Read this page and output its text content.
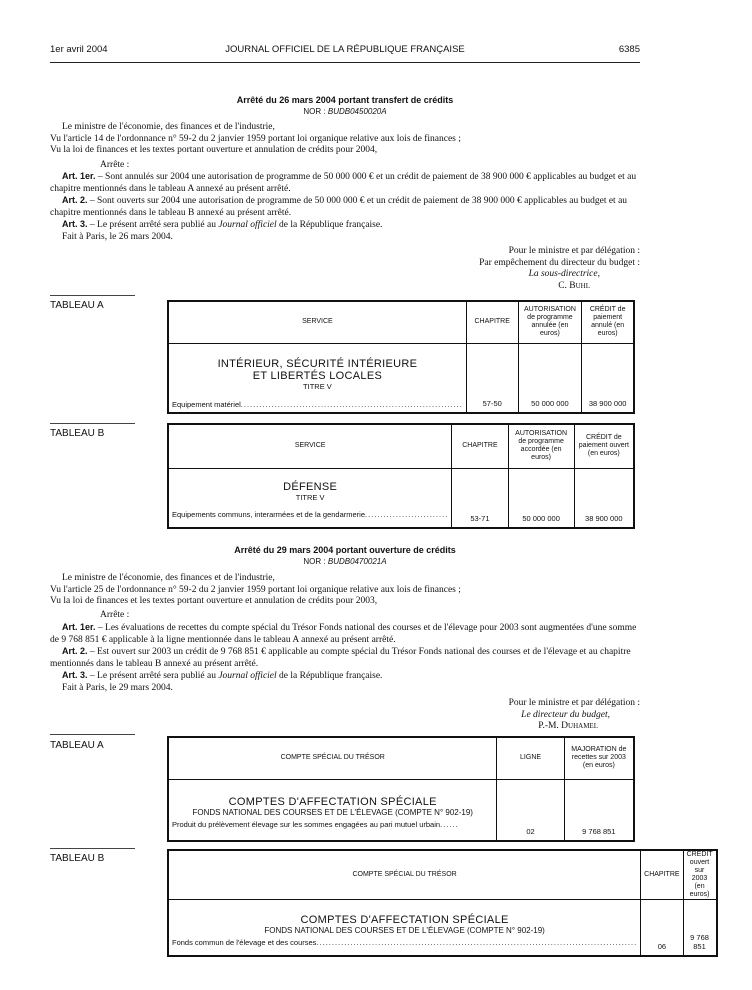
1er avril 2004	JOURNAL OFFICIEL DE LA RÉPUBLIQUE FRANÇAISE	6385
Arrêté du 26 mars 2004 portant transfert de crédits
NOR : BUDB0450020A
Le ministre de l'économie, des finances et de l'industrie,
Vu l'article 14 de l'ordonnance n° 59-2 du 2 janvier 1959 portant loi organique relative aux lois de finances ;
Vu la loi de finances et les textes portant ouverture et annulation de crédits pour 2004,
Arrête :
Art. 1er. – Sont annulés sur 2004 une autorisation de programme de 50 000 000 € et un crédit de paiement de 38 900 000 € applicables au budget et au chapitre mentionnés dans le tableau A annexé au présent arrêté.
Art. 2. – Sont ouverts sur 2004 une autorisation de programme de 50 000 000 € et un crédit de paiement de 38 900 000 € applicables au budget et au chapitre mentionnés dans le tableau B annexé au présent arrêté.
Art. 3. – Le présent arrêté sera publié au Journal officiel de la République française.
Fait à Paris, le 26 mars 2004.
Pour le ministre et par délégation :
Par empêchement du directeur du budget :
La sous-directrice,
C. Buhl
TABLEAU A
SERVICE	CHAPITRE	AUTORISATION de programme annulée (en euros)	CRÉDIT de paiement annulé (en euros)

INTÉRIEUR, SÉCURITÉ INTÉRIEURE
ET LIBERTÉS LOCALES
TITRE V
Equipement matériel........................................................................	57-50	50 000 000	38 900 000
TABLEAU B
SERVICE	CHAPITRE	AUTORISATION de programme accordée (en euros)	CRÉDIT de paiement ouvert (en euros)

DÉFENSE
TITRE V
Equipements communs, interarmées et de la gendarmerie...........................	53-71	50 000 000	38 900 000
Arrêté du 29 mars 2004 portant ouverture de crédits
NOR : BUDB0470021A
Le ministre de l'économie, des finances et de l'industrie,
Vu l'article 25 de l'ordonnance n° 59-2 du 2 janvier 1959 portant loi organique relative aux lois de finances ;
Vu la loi de finances et les textes portant ouverture et annulation de crédits pour 2003,
Arrête :
Art. 1er. – Les évaluations de recettes du compte spécial du Trésor Fonds national des courses et de l'élevage pour 2003 sont augmentées d'une somme de 9 768 851 € applicable à la ligne mentionnée dans le tableau A annexé au présent arrêté.
Art. 2. – Est ouvert sur 2003 un crédit de 9 768 851 € applicable au compte spécial du Trésor Fonds national des courses et de l'élevage et au chapitre mentionnés dans le tableau B annexé au présent arrêté.
Art. 3. – Le présent arrêté sera publié au Journal officiel de la République française.
Fait à Paris, le 29 mars 2004.
Pour le ministre et par délégation :
Le directeur du budget,
P.-M. Duhamel
TABLEAU A
COMPTE SPÉCIAL DU TRÉSOR	LIGNE	MAJORATION de recettes sur 2003 (en euros)

COMPTES D'AFFECTATION SPÉCIALE
FONDS NATIONAL DES COURSES ET DE L'ÉLEVAGE (COMPTE N° 902-19)
Produit du prélèvement élevage sur les sommes engagées au pari mutuel urbain......	02	9 768 851
TABLEAU B
COMPTE SPÉCIAL DU TRÉSOR	CHAPITRE	CRÉDIT ouvert sur 2003 (en euros)

COMPTES D'AFFECTATION SPÉCIALE
FONDS NATIONAL DES COURSES ET DE L'ÉLEVAGE (COMPTE N° 902-19)
Fonds commun de l'élevage et des courses........................................................................................................	06	9 768 851
